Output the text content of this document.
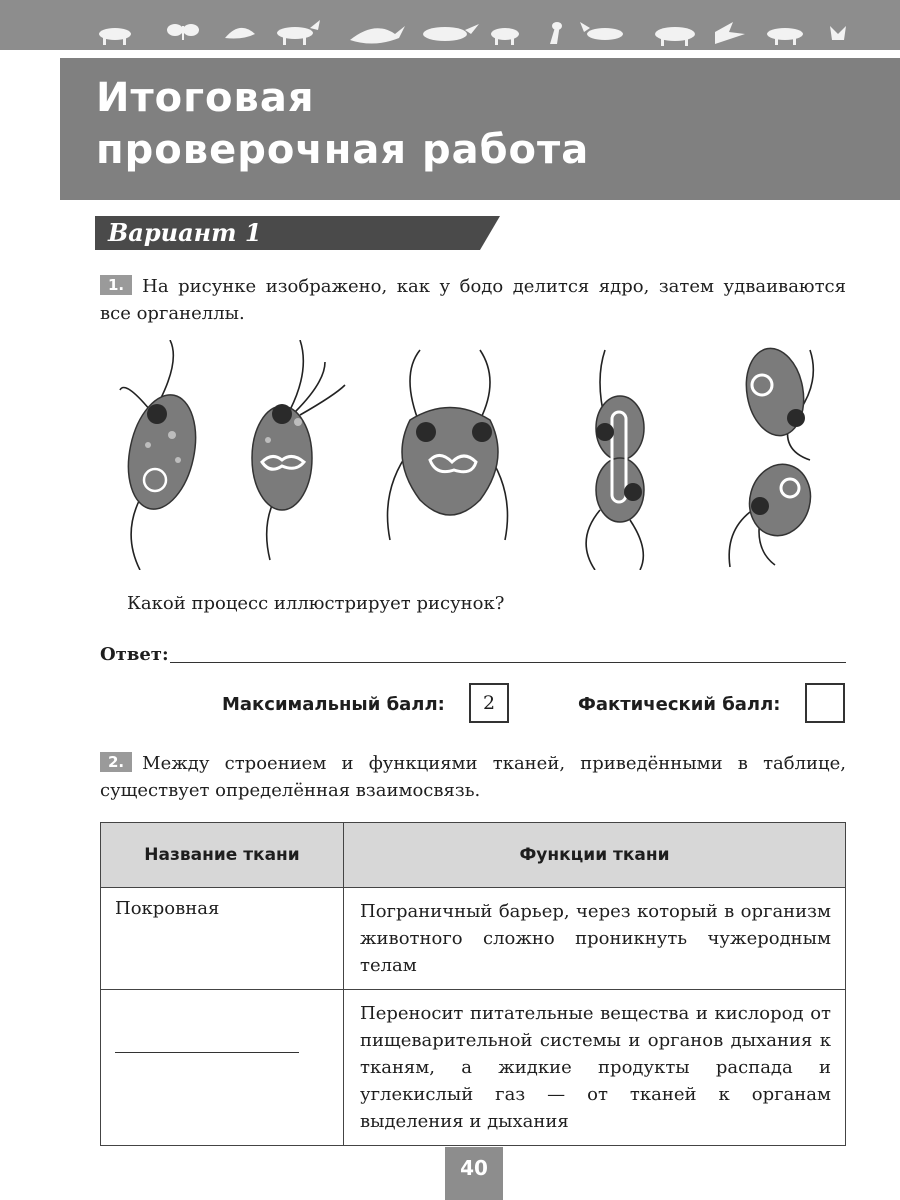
Итоговая
проверочная работа
Вариант 1
1. На рисунке изображено, как у бодо делится ядро, затем удваиваются все органеллы.
Какой процесс иллюстрирует рисунок?
Ответ:
Максимальный балл:	2	Фактический балл:
2. Между строением и функциями тканей, приведёнными в таблице, существует определённая взаимосвязь.
Название ткани	Функции ткани
Покровная	Пограничный барьер, через который в организм животного сложно проникнуть чужеродным телам

	Переносит питательные вещества и кислород от пищеварительной системы и органов дыхания к тканям, а жидкие продукты распада и углекислый газ — от тканей к органам выделения и дыхания
40
